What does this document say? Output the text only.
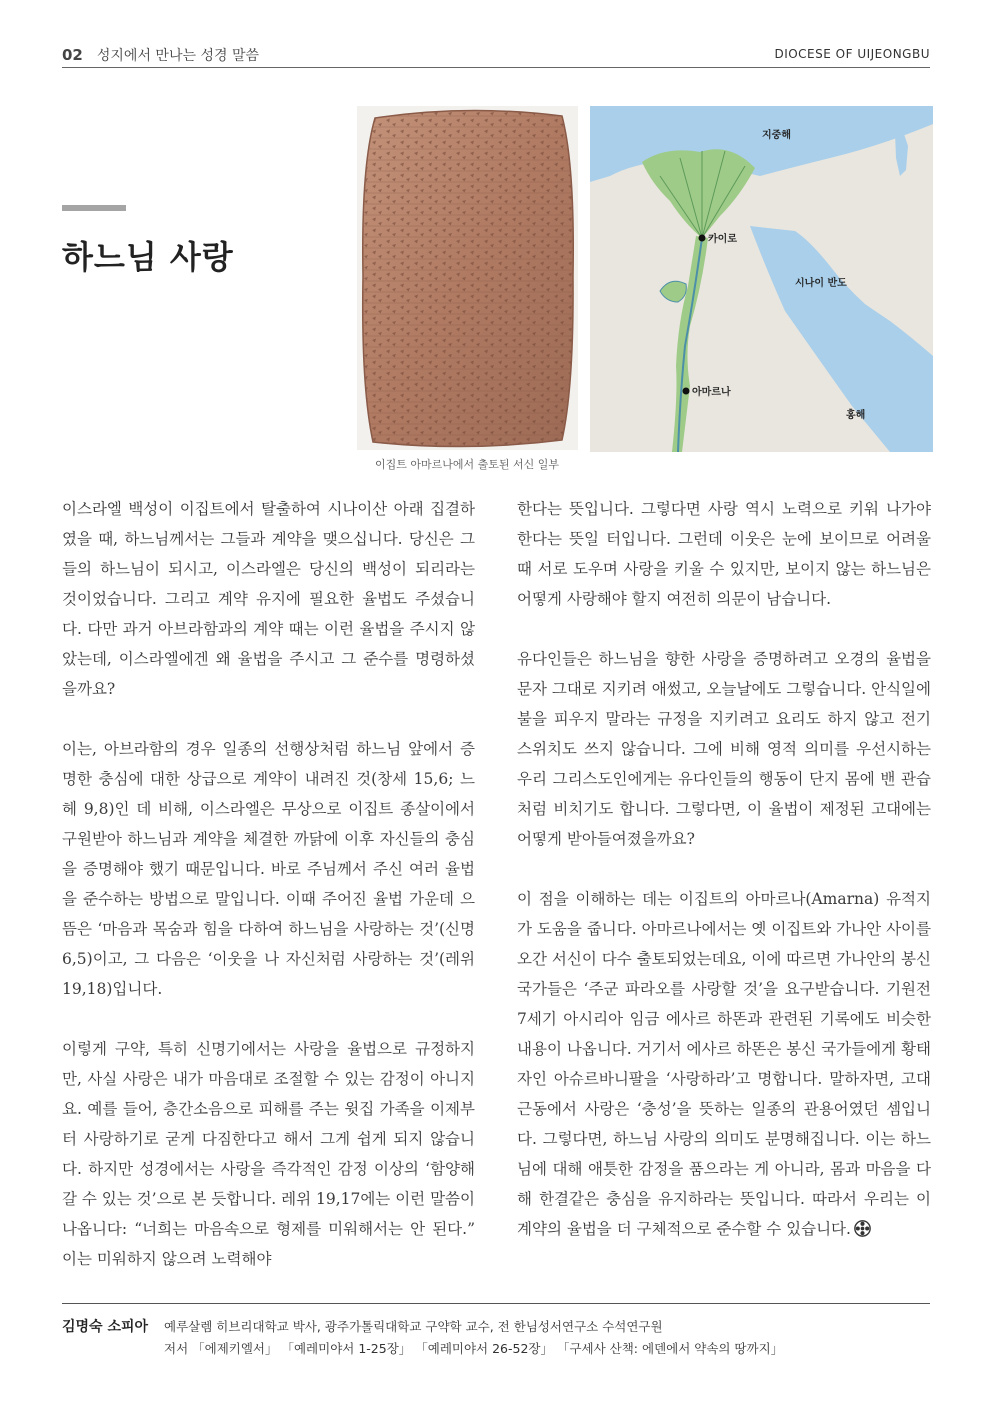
02 성지에서 만나는 성경 말씀	DIOCESE OF UIJEONGBU
하느님 사랑
지중해
카이로
시나이 반도
아마르나
홍해
이집트 아마르나에서 출토된 서신 일부

이스라엘 백성이 이집트에서 탈출하여 시나이산 아래 집결하였을 때, 하느님께서는 그들과 계약을 맺으십니다. 당신은 그들의 하느님이 되시고, 이스라엘은 당신의 백성이 되리라는 것이었습니다. 그리고 계약 유지에 필요한 율법도 주셨습니다. 다만 과거 아브라함과의 계약 때는 이런 율법을 주시지 않았는데, 이스라엘에겐 왜 율법을 주시고 그 준수를 명령하셨을까요?

이는, 아브라함의 경우 일종의 선행상처럼 하느님 앞에서 증명한 충심에 대한 상급으로 계약이 내려진 것(창세 15,6; 느헤 9,8)인 데 비해, 이스라엘은 무상으로 이집트 종살이에서 구원받아 하느님과 계약을 체결한 까닭에 이후 자신들의 충심을 증명해야 했기 때문입니다. 바로 주님께서 주신 여러 율법을 준수하는 방법으로 말입니다. 이때 주어진 율법 가운데 으뜸은 ‘마음과 목숨과 힘을 다하여 하느님을 사랑하는 것’(신명 6,5)이고, 그 다음은 ‘이웃을 나 자신처럼 사랑하는 것’(레위 19,18)입니다.

이렇게 구약, 특히 신명기에서는 사랑을 율법으로 규정하지만, 사실 사랑은 내가 마음대로 조절할 수 있는 감정이 아니지요. 예를 들어, 층간소음으로 피해를 주는 윗집 가족을 이제부터 사랑하기로 굳게 다짐한다고 해서 그게 쉽게 되지 않습니다. 하지만 성경에서는 사랑을 즉각적인 감정 이상의 ‘함양해 갈 수 있는 것’으로 본 듯합니다. 레위 19,17에는 이런 말씀이 나옵니다: “너희는 마음속으로 형제를 미워해서는 안 된다.” 이는 미워하지 않으려 노력해야

한다는 뜻입니다. 그렇다면 사랑 역시 노력으로 키워 나가야 한다는 뜻일 터입니다. 그런데 이웃은 눈에 보이므로 어려울 때 서로 도우며 사랑을 키울 수 있지만, 보이지 않는 하느님은 어떻게 사랑해야 할지 여전히 의문이 남습니다.

유다인들은 하느님을 향한 사랑을 증명하려고 오경의 율법을 문자 그대로 지키려 애썼고, 오늘날에도 그렇습니다. 안식일에 불을 피우지 말라는 규정을 지키려고 요리도 하지 않고 전기 스위치도 쓰지 않습니다. 그에 비해 영적 의미를 우선시하는 우리 그리스도인에게는 유다인들의 행동이 단지 몸에 밴 관습처럼 비치기도 합니다. 그렇다면, 이 율법이 제정된 고대에는 어떻게 받아들여졌을까요?

이 점을 이해하는 데는 이집트의 아마르나(Amarna) 유적지가 도움을 줍니다. 아마르나에서는 옛 이집트와 가나안 사이를 오간 서신이 다수 출토되었는데요, 이에 따르면 가나안의 봉신 국가들은 ‘주군 파라오를 사랑할 것’을 요구받습니다. 기원전 7세기 아시리아 임금 에사르 하똔과 관련된 기록에도 비슷한 내용이 나옵니다. 거기서 에사르 하똔은 봉신 국가들에게 황태자인 아슈르바니팔을 ‘사랑하라’고 명합니다. 말하자면, 고대 근동에서 사랑은 ‘충성’을 뜻하는 일종의 관용어였던 셈입니다. 그렇다면, 하느님 사랑의 의미도 분명해집니다. 이는 하느님에 대해 애틋한 감정을 품으라는 게 아니라, 몸과 마음을 다해 한결같은 충심을 유지하라는 뜻입니다. 따라서 우리는 이 계약의 율법을 더 구체적으로 준수할 수 있습니다.

김명숙 소피아 예루살렘 히브리대학교 박사, 광주가톨릭대학교 구약학 교수, 전 한님성서연구소 수석연구원
저서 「에제키엘서」 「예레미야서 1-25장」 「예레미야서 26-52장」 「구세사 산책: 에덴에서 약속의 땅까지」
